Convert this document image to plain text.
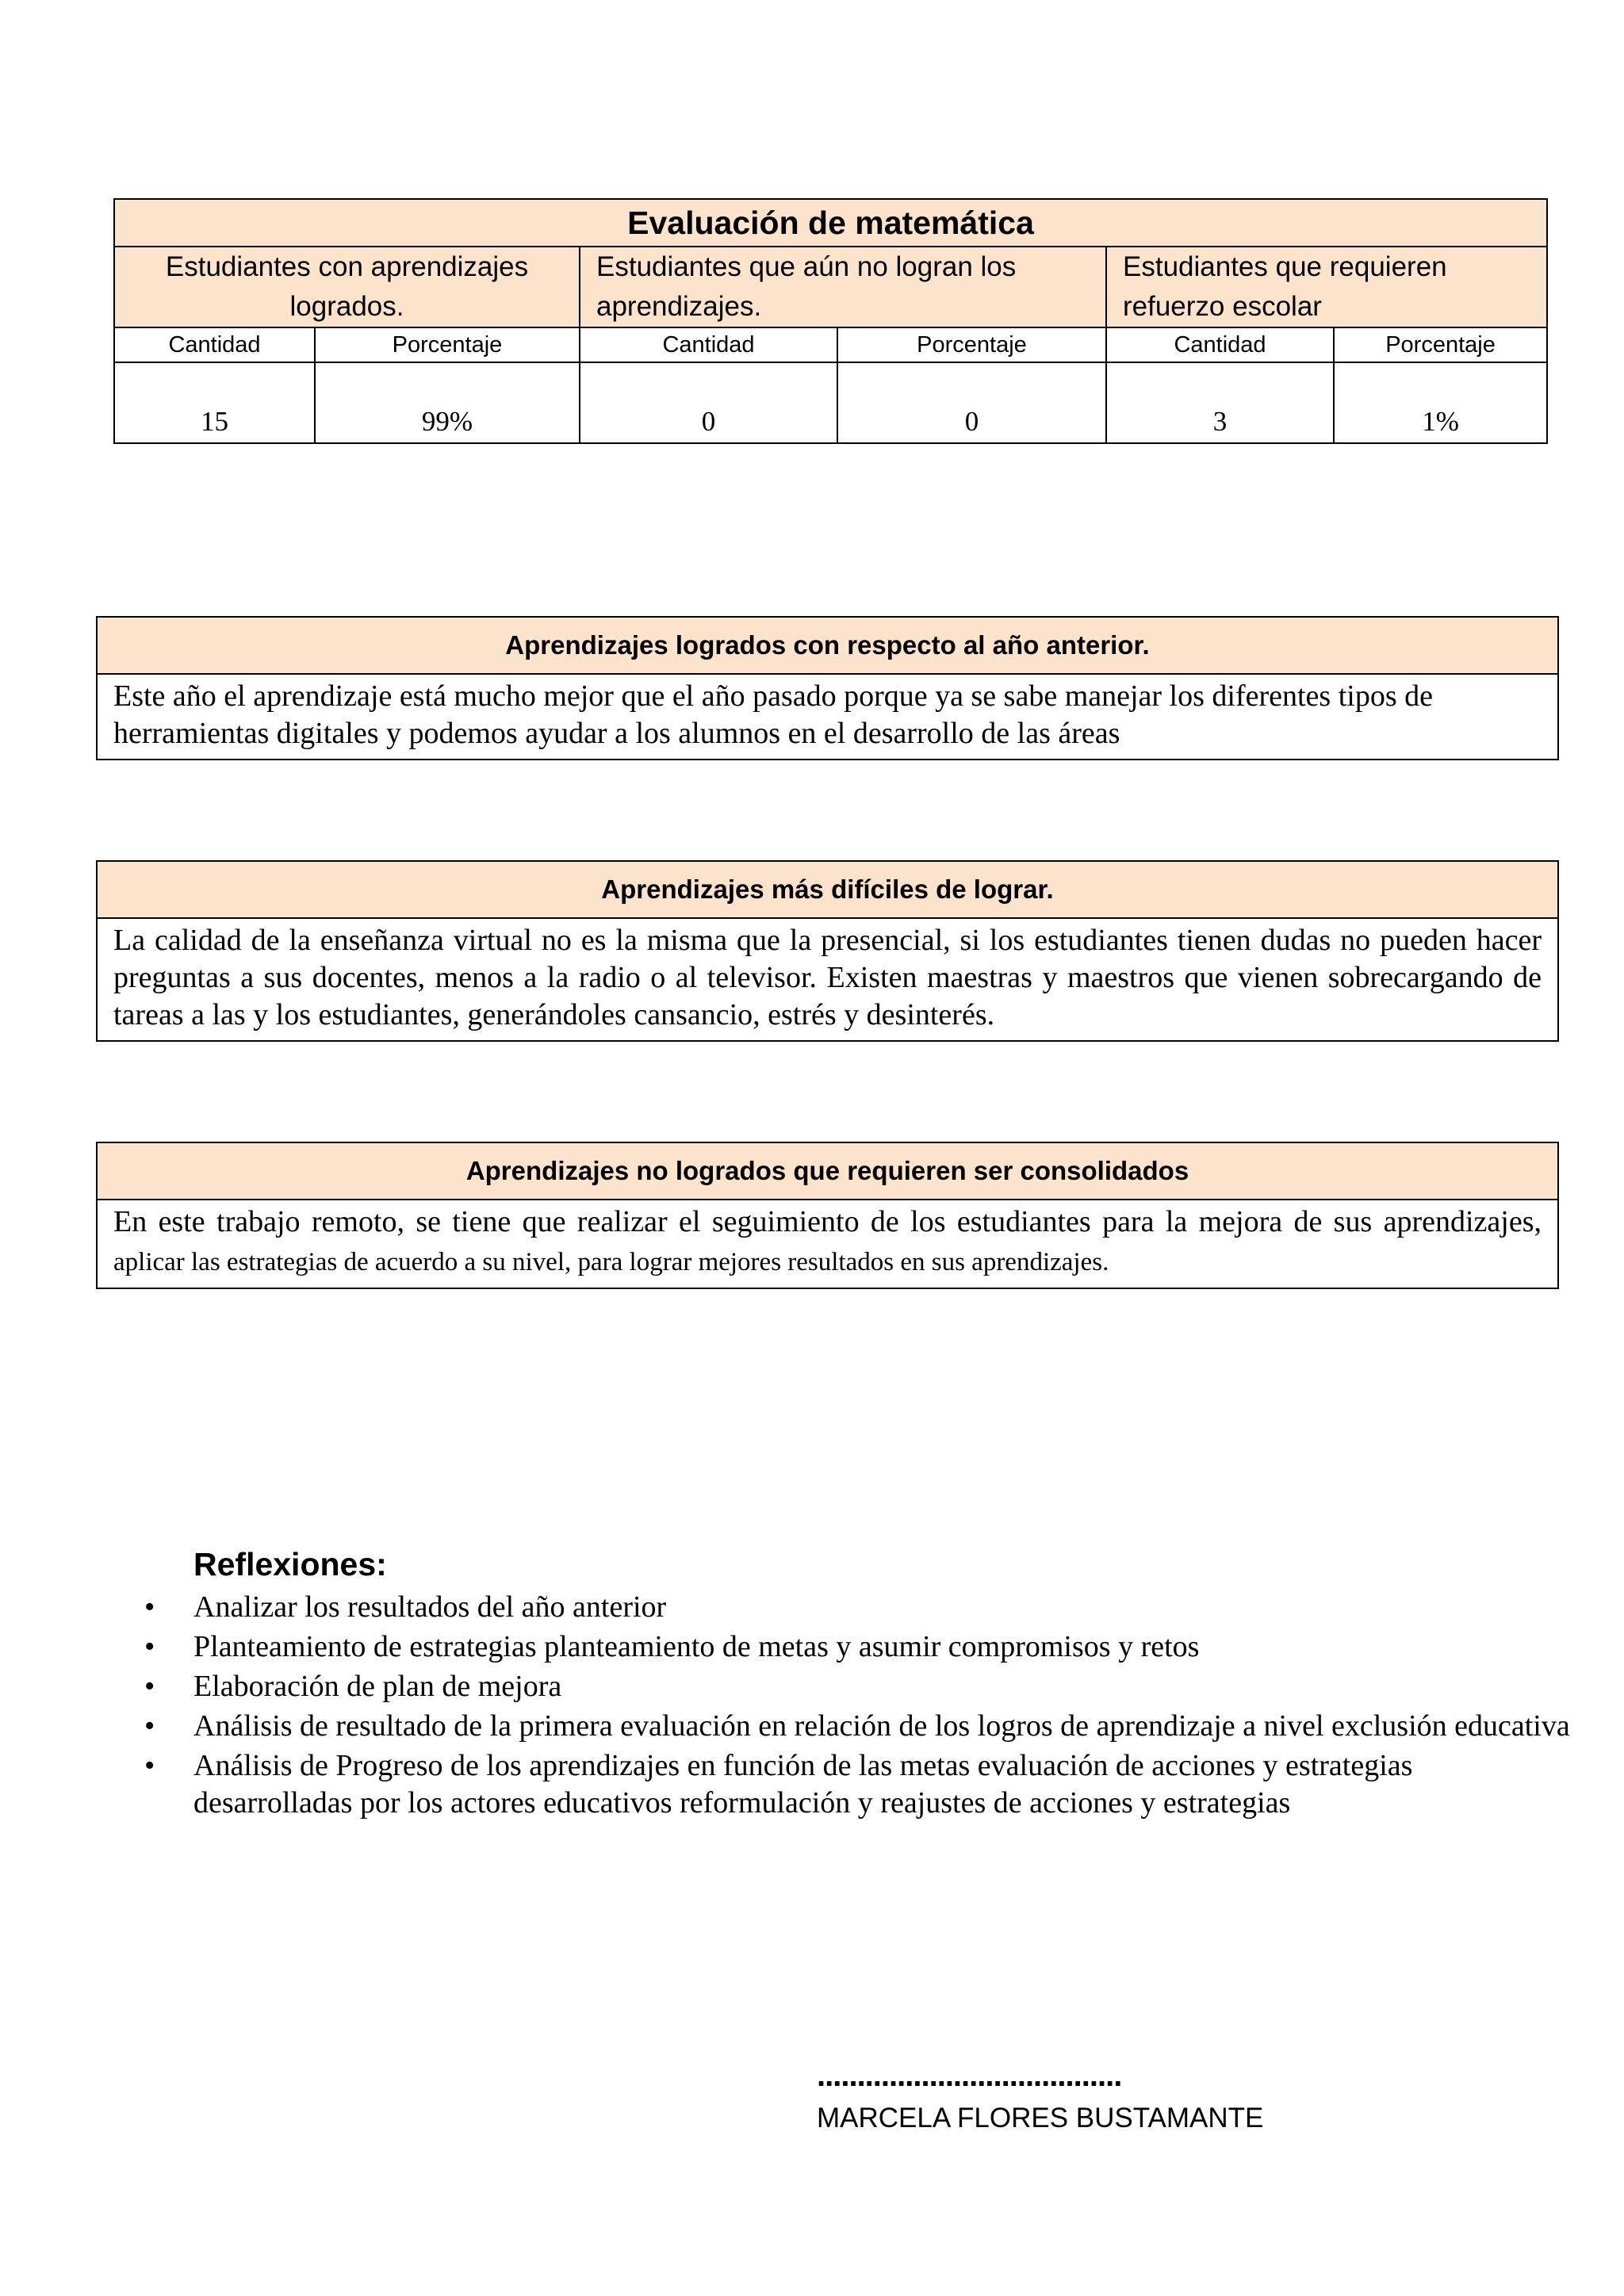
Evaluación de matemática					
Estudiantes con aprendizajes logrados.		Estudiantes que aún no logran los aprendizajes.		Estudiantes que requieren refuerzo escolar	
Cantidad	Porcentaje	Cantidad	Porcentaje	Cantidad	Porcentaje
15	99%	0	0	3	1%
Aprendizajes logrados con respecto al año anterior.
Este año el aprendizaje está mucho mejor que el año pasado porque ya se sabe manejar los diferentes tipos de herramientas digitales y podemos ayudar a los alumnos en el desarrollo de las áreas
Aprendizajes más difíciles de lograr.
La calidad de la enseñanza virtual no es la misma que la presencial, si los estudiantes tienen dudas no pueden hacer preguntas a sus docentes, menos a la radio o al televisor. Existen maestras y maestros que vienen sobrecargando de tareas a las y los estudiantes, generándoles cansancio, estrés y desinterés.
Aprendizajes no logrados que requieren ser consolidados
En este trabajo remoto, se tiene que realizar el seguimiento de los estudiantes para la mejora de sus aprendizajes, aplicar las estrategias de acuerdo a su nivel, para lograr mejores resultados en sus aprendizajes.
Reflexiones:
• Analizar los resultados del año anterior
• Planteamiento de estrategias planteamiento de metas y asumir compromisos y retos
• Elaboración de plan de mejora
• Análisis de resultado de la primera evaluación en relación de los logros de aprendizaje a nivel exclusión educativa
• Análisis de Progreso de los aprendizajes en función de las metas evaluación de acciones y estrategias desarrolladas por los actores educativos reformulación y reajustes de acciones y estrategias
......................................
MARCELA FLORES BUSTAMANTE
